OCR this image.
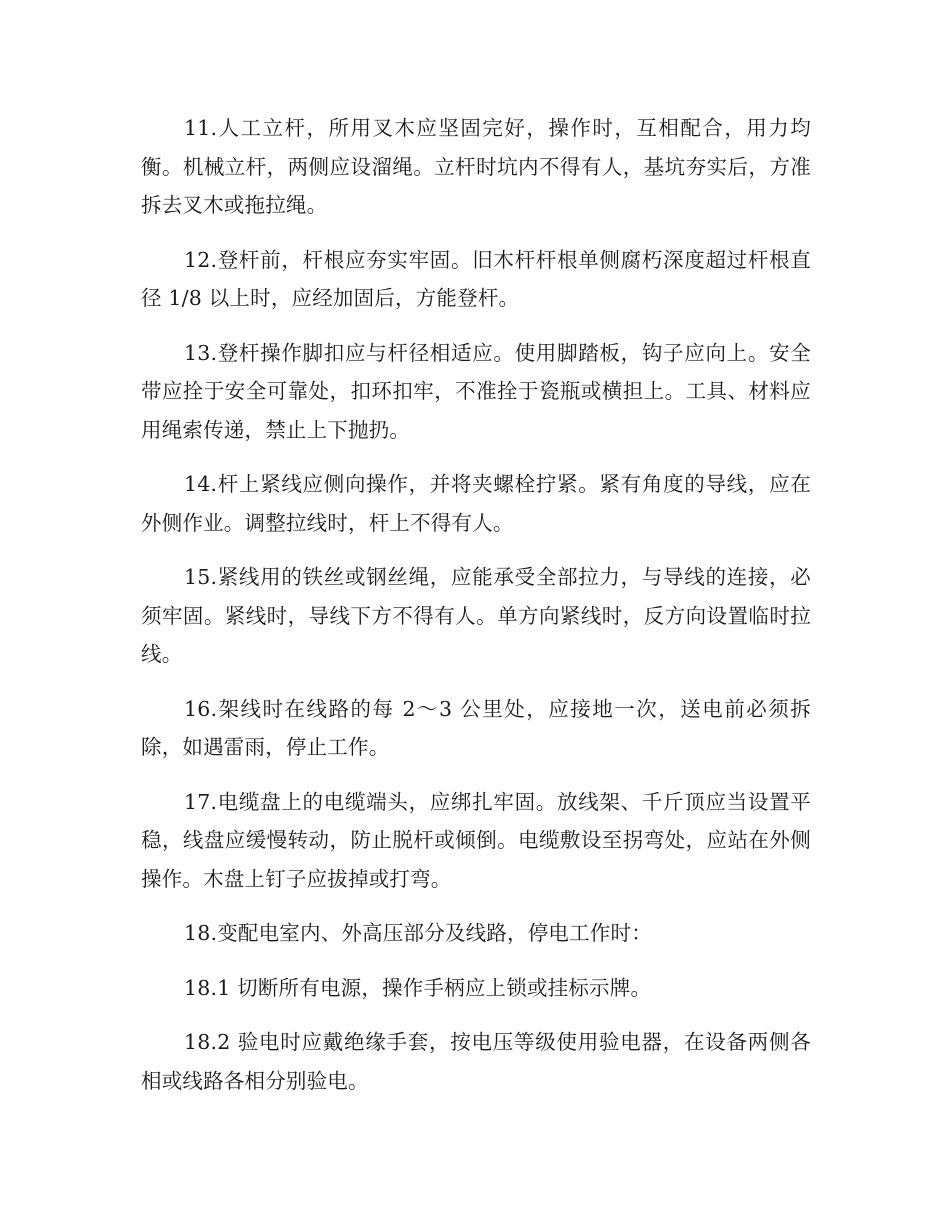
11.人工立杆，所用叉木应坚固完好，操作时，互相配合，用力均衡。机械立杆，两侧应设溜绳。立杆时坑内不得有人，基坑夯实后，方准拆去叉木或拖拉绳。

12.登杆前，杆根应夯实牢固。旧木杆杆根单侧腐朽深度超过杆根直径 1/8 以上时，应经加固后，方能登杆。

13.登杆操作脚扣应与杆径相适应。使用脚踏板，钩子应向上。安全带应拴于安全可靠处，扣环扣牢，不准拴于瓷瓶或横担上。工具、材料应用绳索传递，禁止上下抛扔。

14.杆上紧线应侧向操作，并将夹螺栓拧紧。紧有角度的导线，应在外侧作业。调整拉线时，杆上不得有人。

15.紧线用的铁丝或钢丝绳，应能承受全部拉力，与导线的连接，必须牢固。紧线时，导线下方不得有人。单方向紧线时，反方向设置临时拉线。

16.架线时在线路的每 2～3 公里处，应接地一次，送电前必须拆除，如遇雷雨，停止工作。

17.电缆盘上的电缆端头，应绑扎牢固。放线架、千斤顶应当设置平稳，线盘应缓慢转动，防止脱杆或倾倒。电缆敷设至拐弯处，应站在外侧操作。木盘上钉子应拔掉或打弯。

18.变配电室内、外高压部分及线路，停电工作时：

18.1 切断所有电源，操作手柄应上锁或挂标示牌。

18.2 验电时应戴绝缘手套，按电压等级使用验电器，在设备两侧各相或线路各相分别验电。
